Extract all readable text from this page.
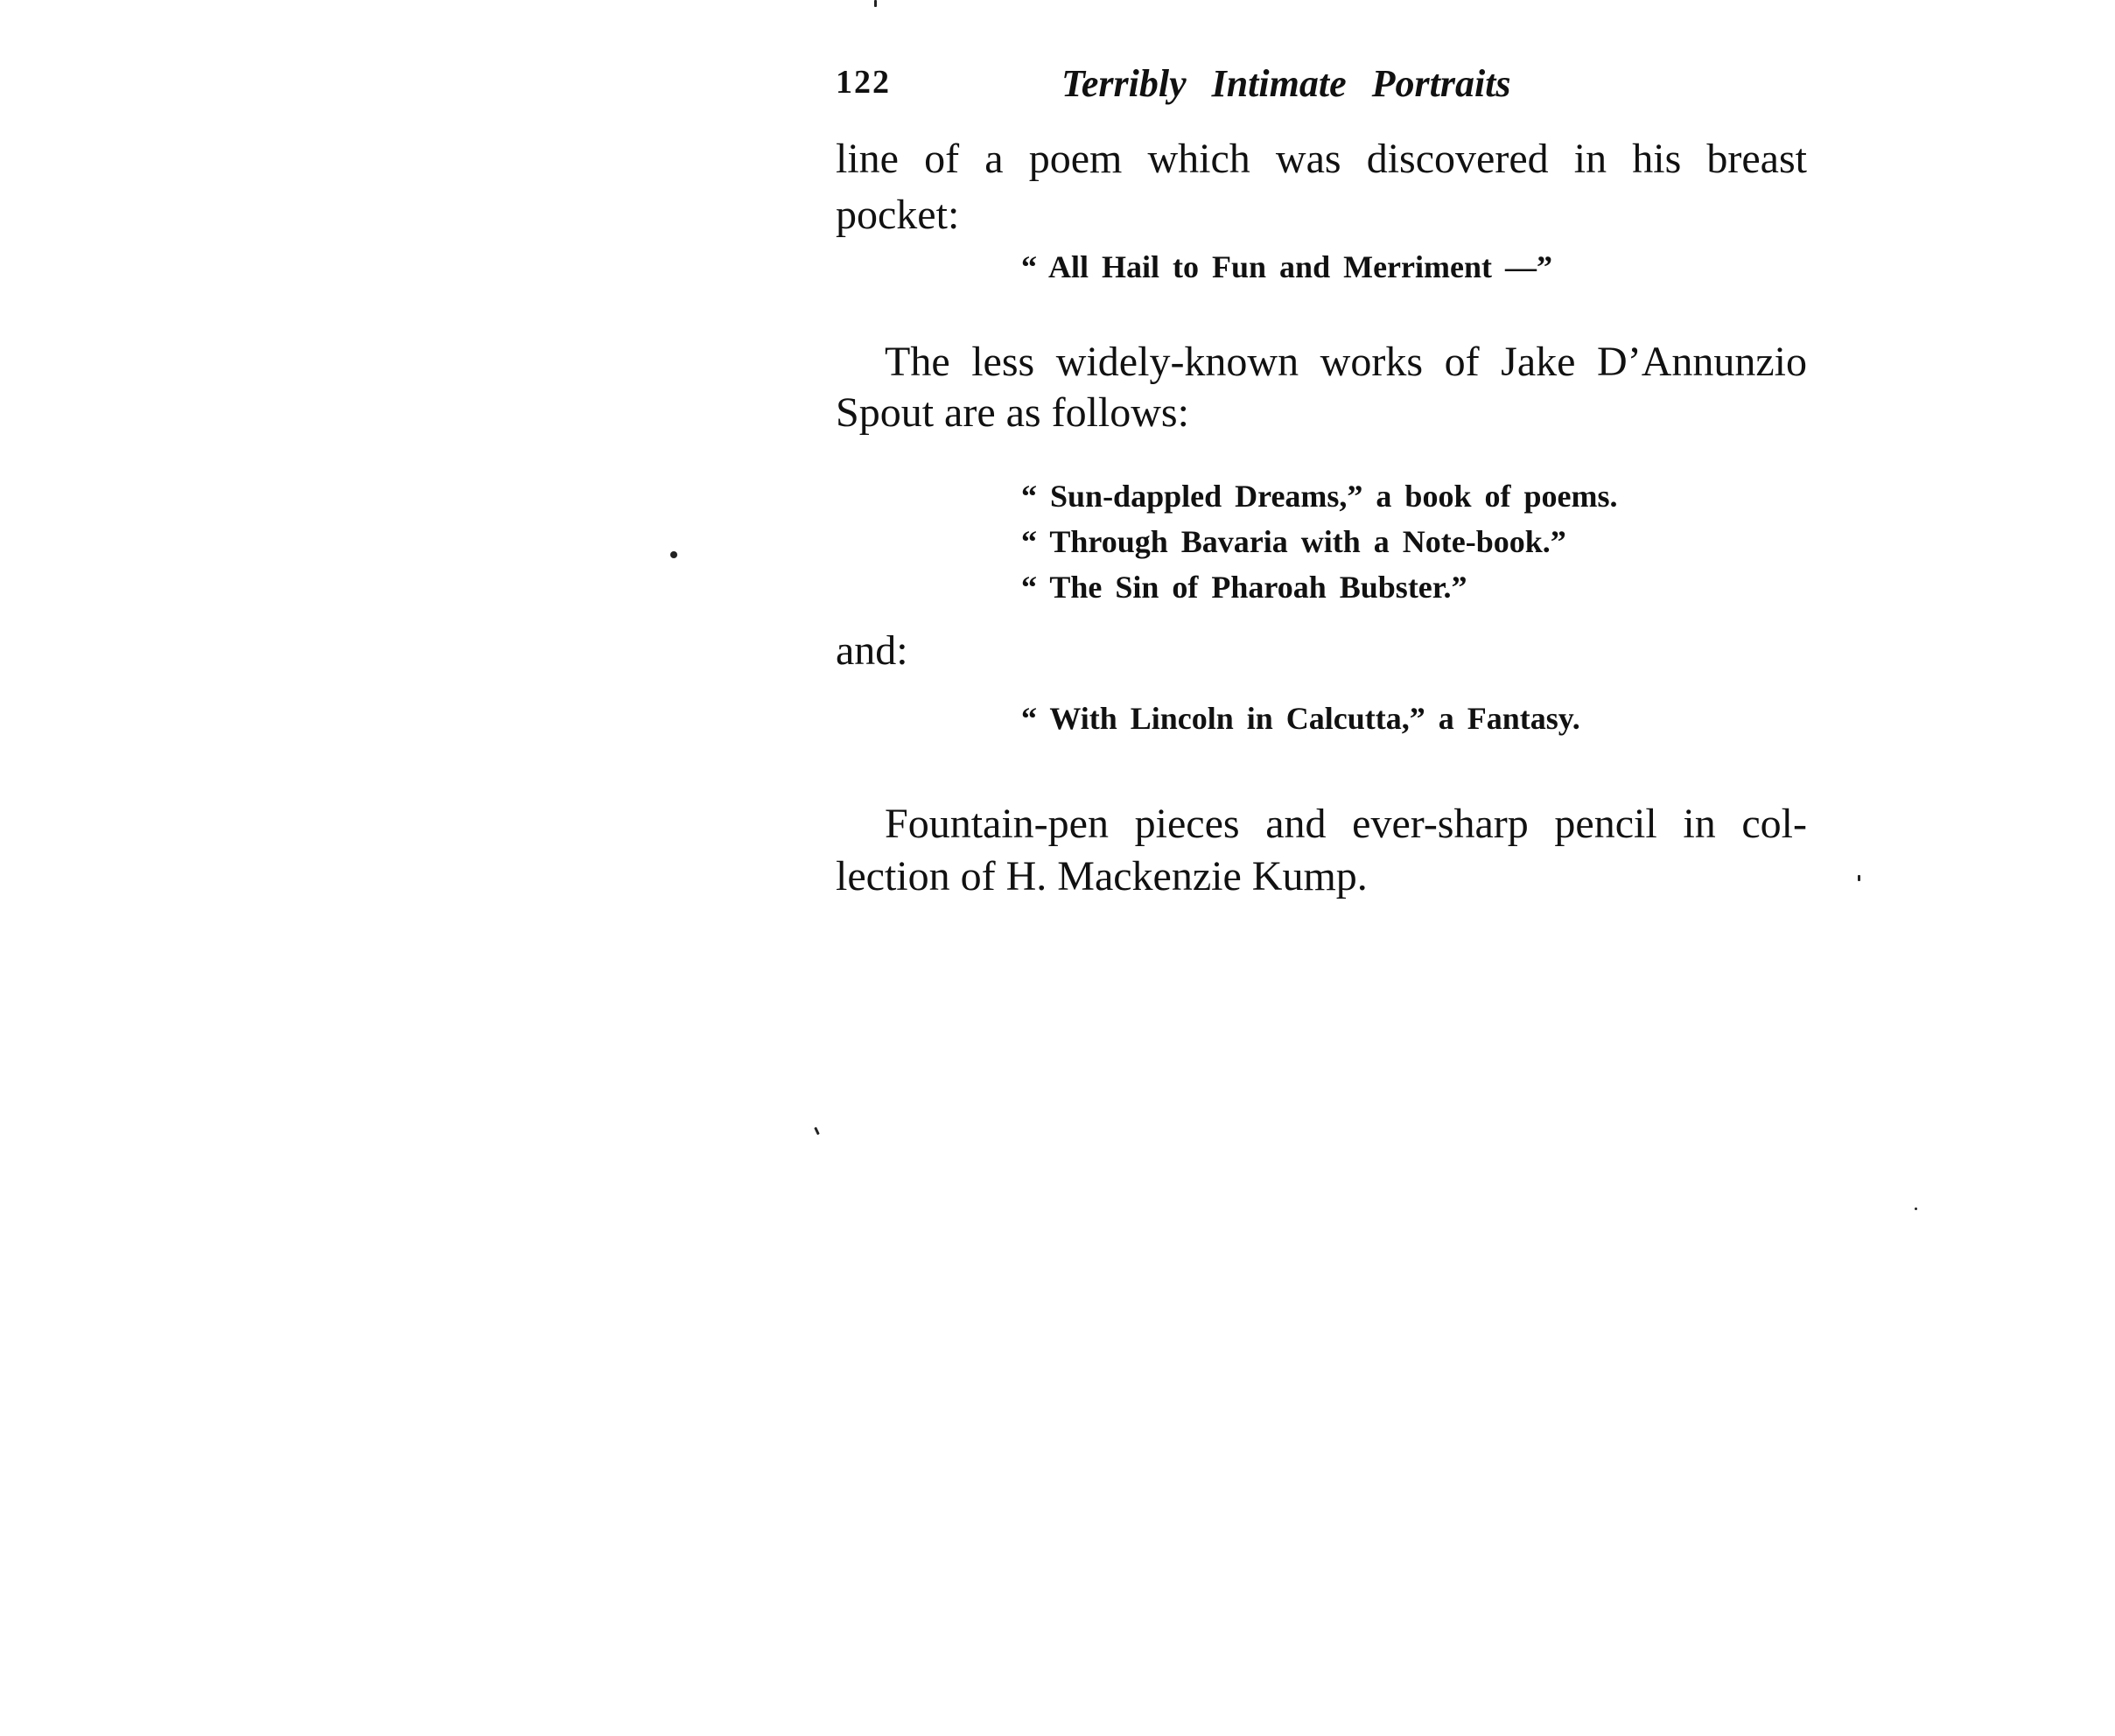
122	Terribly Intimate Portraits
line of a poem which was discovered in his breast
pocket:
“ All Hail to Fun and Merriment —”
The less widely-known works of Jake D’Annunzio
Spout are as follows:
“ Sun-dappled Dreams,” a book of poems.
“ Through Bavaria with a Note-book.”
“ The Sin of Pharoah Bubster.”
and:
“ With Lincoln in Calcutta,” a Fantasy.
Fountain-pen pieces and ever-sharp pencil in col-
lection of H. Mackenzie Kump.
